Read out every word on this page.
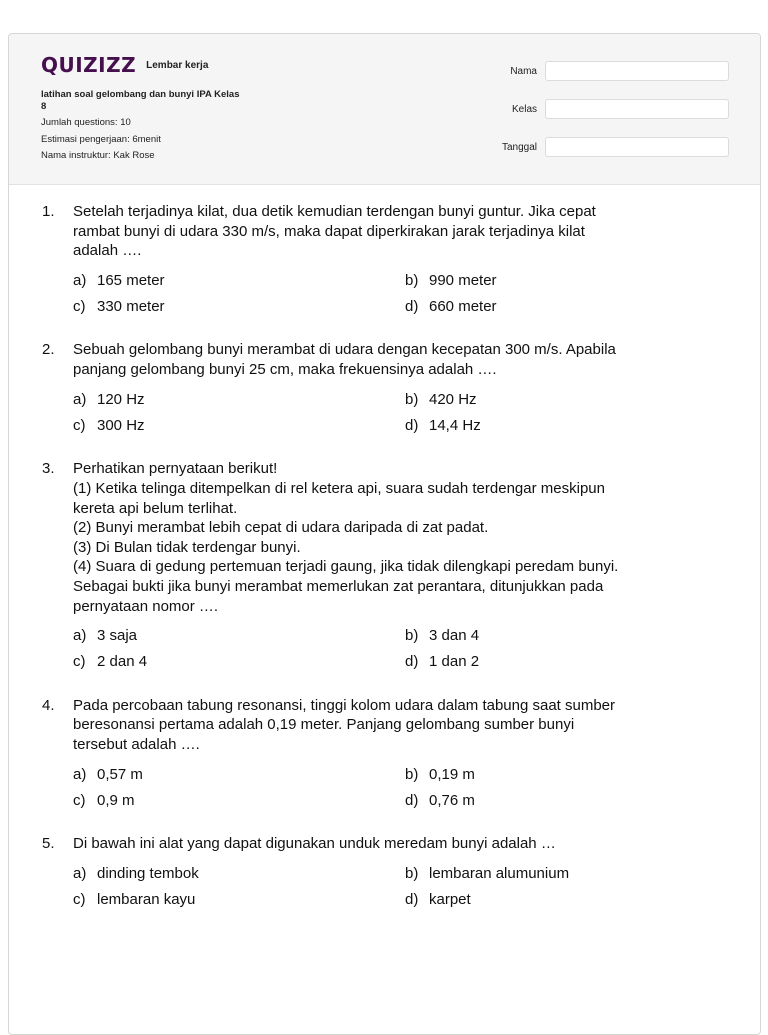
QUIZIZZ Lembar kerja
latihan soal gelombang dan bunyi IPA Kelas
8
Jumlah questions: 10
Estimasi pengerjaan: 6menit
Nama instruktur: Kak Rose
Nama
Kelas
Tanggal
1.	Setelah terjadinya kilat, dua detik kemudian terdengan bunyi guntur. Jika cepat
rambat bunyi di udara 330 m/s, maka dapat diperkirakan jarak terjadinya kilat
adalah ….
a) 165 meter	b) 990 meter
c) 330 meter	d) 660 meter
2.	Sebuah gelombang bunyi merambat di udara dengan kecepatan 300 m/s. Apabila
panjang gelombang bunyi 25 cm, maka frekuensinya adalah ….
a) 120 Hz	b) 420 Hz
c) 300 Hz	d) 14,4 Hz
3.	Perhatikan pernyataan berikut!
(1) Ketika telinga ditempelkan di rel ketera api, suara sudah terdengar meskipun
kereta api belum terlihat.
(2) Bunyi merambat lebih cepat di udara daripada di zat padat.
(3) Di Bulan tidak terdengar bunyi.
(4) Suara di gedung pertemuan terjadi gaung, jika tidak dilengkapi peredam bunyi.
Sebagai bukti jika bunyi merambat memerlukan zat perantara, ditunjukkan pada
pernyataan nomor ….
a) 3 saja	b) 3 dan 4
c) 2 dan 4	d) 1 dan 2
4.	Pada percobaan tabung resonansi, tinggi kolom udara dalam tabung saat sumber
beresonansi pertama adalah 0,19 meter. Panjang gelombang sumber bunyi
tersebut adalah ….
a) 0,57 m	b) 0,19 m
c) 0,9 m	d) 0,76 m
5.	Di bawah ini alat yang dapat digunakan unduk meredam bunyi adalah …
a) dinding tembok	b) lembaran alumunium
c) lembaran kayu	d) karpet
